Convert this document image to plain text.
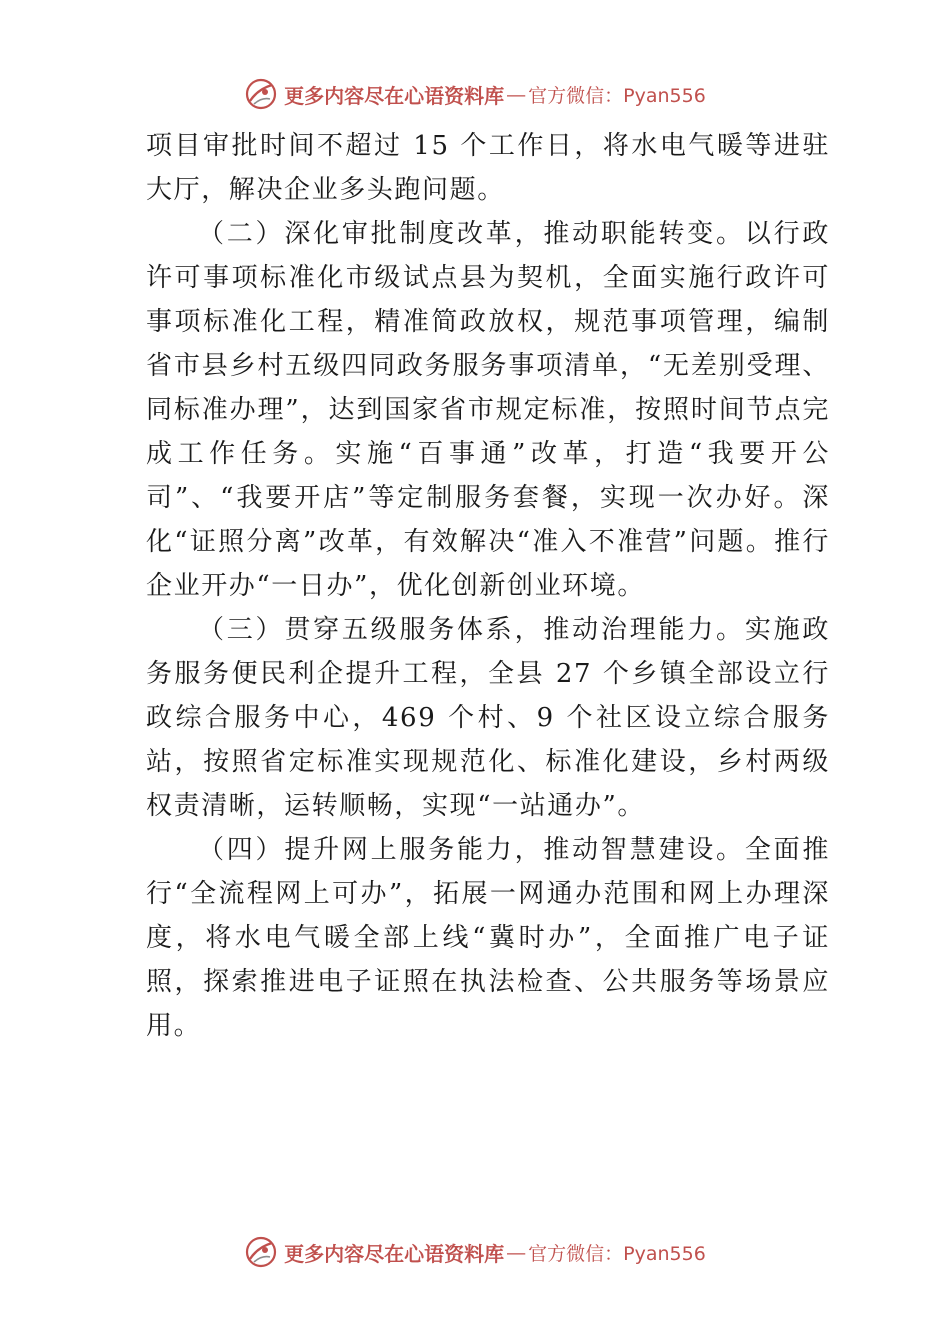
更多内容尽在心语资料库 — 官方微信：Pyan556

项目审批时间不超过 15 个工作日，将水电气暖等进驻大厅，解决企业多头跑问题。

（二）深化审批制度改革，推动职能转变。以行政许可事项标准化市级试点县为契机，全面实施行政许可事项标准化工程，精准简政放权，规范事项管理，编制省市县乡村五级四同政务服务事项清单，“无差别受理、同标准办理”，达到国家省市规定标准，按照时间节点完成工作任务。实施“百事通”改革，打造“我要开公司”、“我要开店”等定制服务套餐，实现一次办好。深化“证照分离”改革，有效解决“准入不准营”问题。推行企业开办“一日办”，优化创新创业环境。

（三）贯穿五级服务体系，推动治理能力。实施政务服务便民利企提升工程，全县 27 个乡镇全部设立行政综合服务中心，469 个村、9 个社区设立综合服务站，按照省定标准实现规范化、标准化建设，乡村两级权责清晰，运转顺畅，实现“一站通办”。

（四）提升网上服务能力，推动智慧建设。全面推行“全流程网上可办”，拓展一网通办范围和网上办理深度，将水电气暖全部上线“冀时办”，全面推广电子证照，探索推进电子证照在执法检查、公共服务等场景应用。

更多内容尽在心语资料库 — 官方微信：Pyan556
